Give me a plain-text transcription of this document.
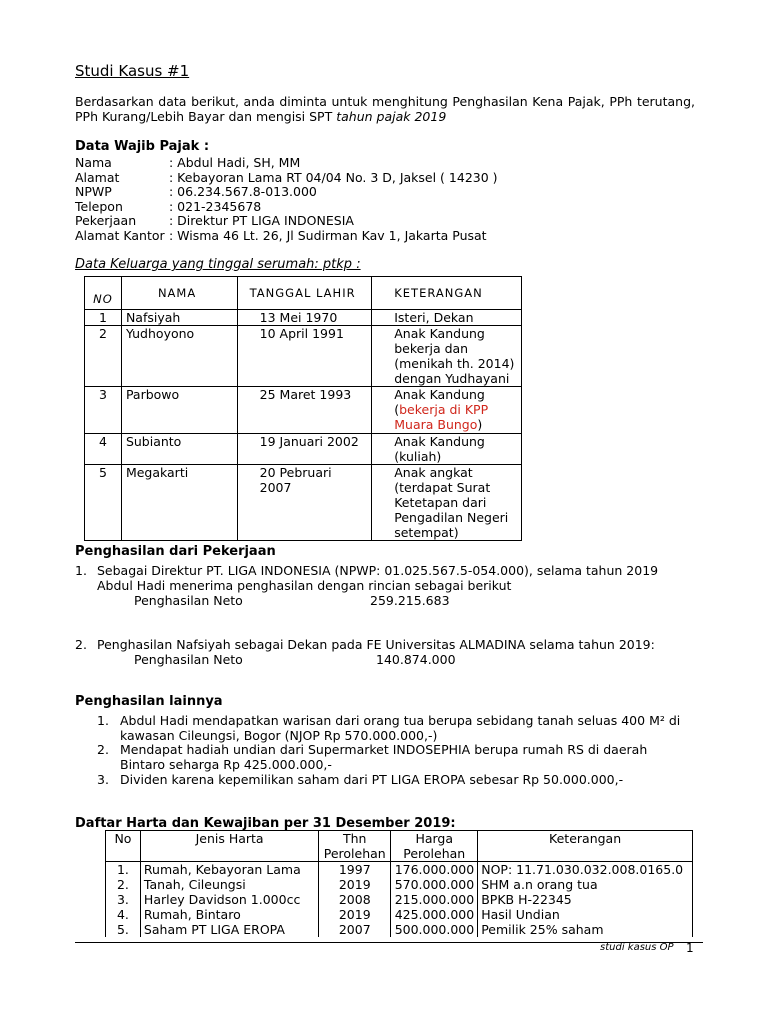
Studi Kasus #1
Berdasarkan data berikut, anda diminta untuk menghitung Penghasilan Kena Pajak, PPh terutang, PPh Kurang/Lebih Bayar dan mengisi SPT tahun pajak 2019
Data Wajib Pajak :
Nama	: Abdul Hadi, SH, MM
Alamat	: Kebayoran Lama RT 04/04 No. 3 D, Jaksel ( 14230 )
NPWP	: 06.234.567.8-013.000
Telepon	: 021-2345678
Pekerjaan	: Direktur PT LIGA INDONESIA
Alamat Kantor : Wisma 46 Lt. 26, Jl Sudirman Kav 1, Jakarta Pusat
Data Keluarga yang tinggal serumah: ptkp :
NO	NAMA	TANGGAL LAHIR	KETERANGAN
1	Nafsiyah	13 Mei 1970	Isteri, Dekan
2	Yudhoyono	10 April 1991	Anak Kandung bekerja dan (menikah th. 2014) dengan Yudhayani
3	Parbowo	25 Maret 1993	Anak Kandung (bekerja di KPP Muara Bungo)
4	Subianto	19 Januari 2002	Anak Kandung (kuliah)
5	Megakarti	20 Pebruari 2007	Anak angkat (terdapat Surat Ketetapan dari Pengadilan Negeri setempat)
Penghasilan dari Pekerjaan
1. Sebagai Direktur PT. LIGA INDONESIA (NPWP: 01.025.567.5-054.000), selama tahun 2019 Abdul Hadi menerima penghasilan dengan rincian sebagai berikut
Penghasilan Neto	259.215.683
2. Penghasilan Nafsiyah sebagai Dekan pada FE Universitas ALMADINA selama tahun 2019:
Penghasilan Neto	140.874.000
Penghasilan lainnya
1. Abdul Hadi mendapatkan warisan dari orang tua berupa sebidang tanah seluas 400 M² di kawasan Cileungsi, Bogor (NJOP Rp 570.000.000,-)
2. Mendapat hadiah undian dari Supermarket INDOSEPHIA berupa rumah RS di daerah Bintaro seharga Rp 425.000.000,-
3. Dividen karena kepemilikan saham dari PT LIGA EROPA sebesar Rp 50.000.000,-
Daftar Harta dan Kewajiban per 31 Desember 2019:
No	Jenis Harta	Thn Perolehan	Harga Perolehan	Keterangan
1.	Rumah, Kebayoran Lama	1997	176.000.000	NOP: 11.71.030.032.008.0165.0
2.	Tanah, Cileungsi	2019	570.000.000	SHM a.n orang tua
3.	Harley Davidson 1.000cc	2008	215.000.000	BPKB H-22345
4.	Rumah, Bintaro	2019	425.000.000	Hasil Undian
5.	Saham PT LIGA EROPA	2007	500.000.000	Pemilik 25% saham
studi kasus OP 1
